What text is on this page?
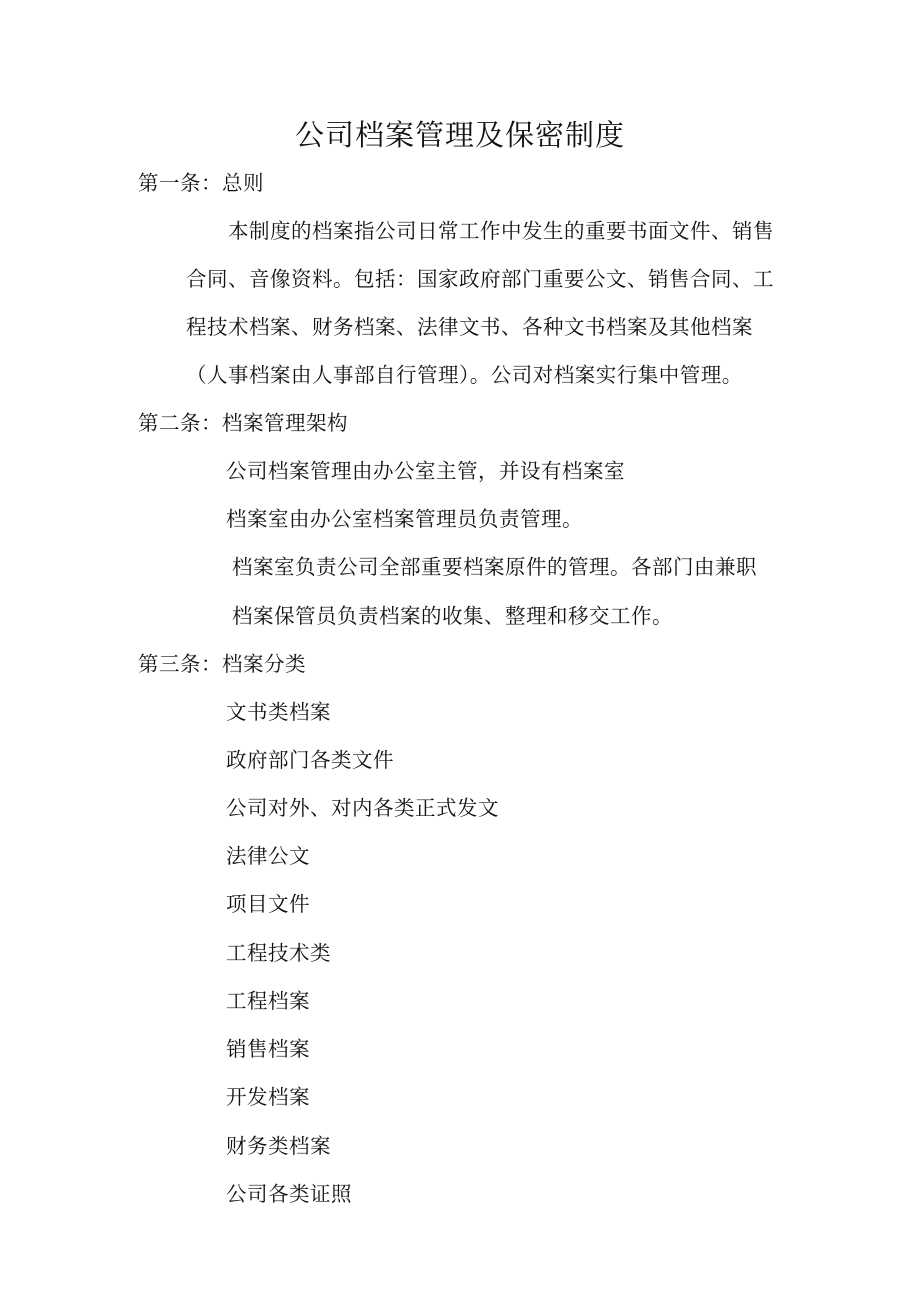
公司档案管理及保密制度
第一条：总则
本制度的档案指公司日常工作中发生的重要书面文件、销售
合同、音像资料。包括：国家政府部门重要公文、销售合同、工
程技术档案、财务档案、法律文书、各种文书档案及其他档案
（人事档案由人事部自行管理）。公司对档案实行集中管理。
第二条：档案管理架构
公司档案管理由办公室主管，并设有档案室
档案室由办公室档案管理员负责管理。
档案室负责公司全部重要档案原件的管理。各部门由兼职
档案保管员负责档案的收集、整理和移交工作。
第三条：档案分类
文书类档案
政府部门各类文件
公司对外、对内各类正式发文
法律公文
项目文件
工程技术类
工程档案
销售档案
开发档案
财务类档案
公司各类证照
